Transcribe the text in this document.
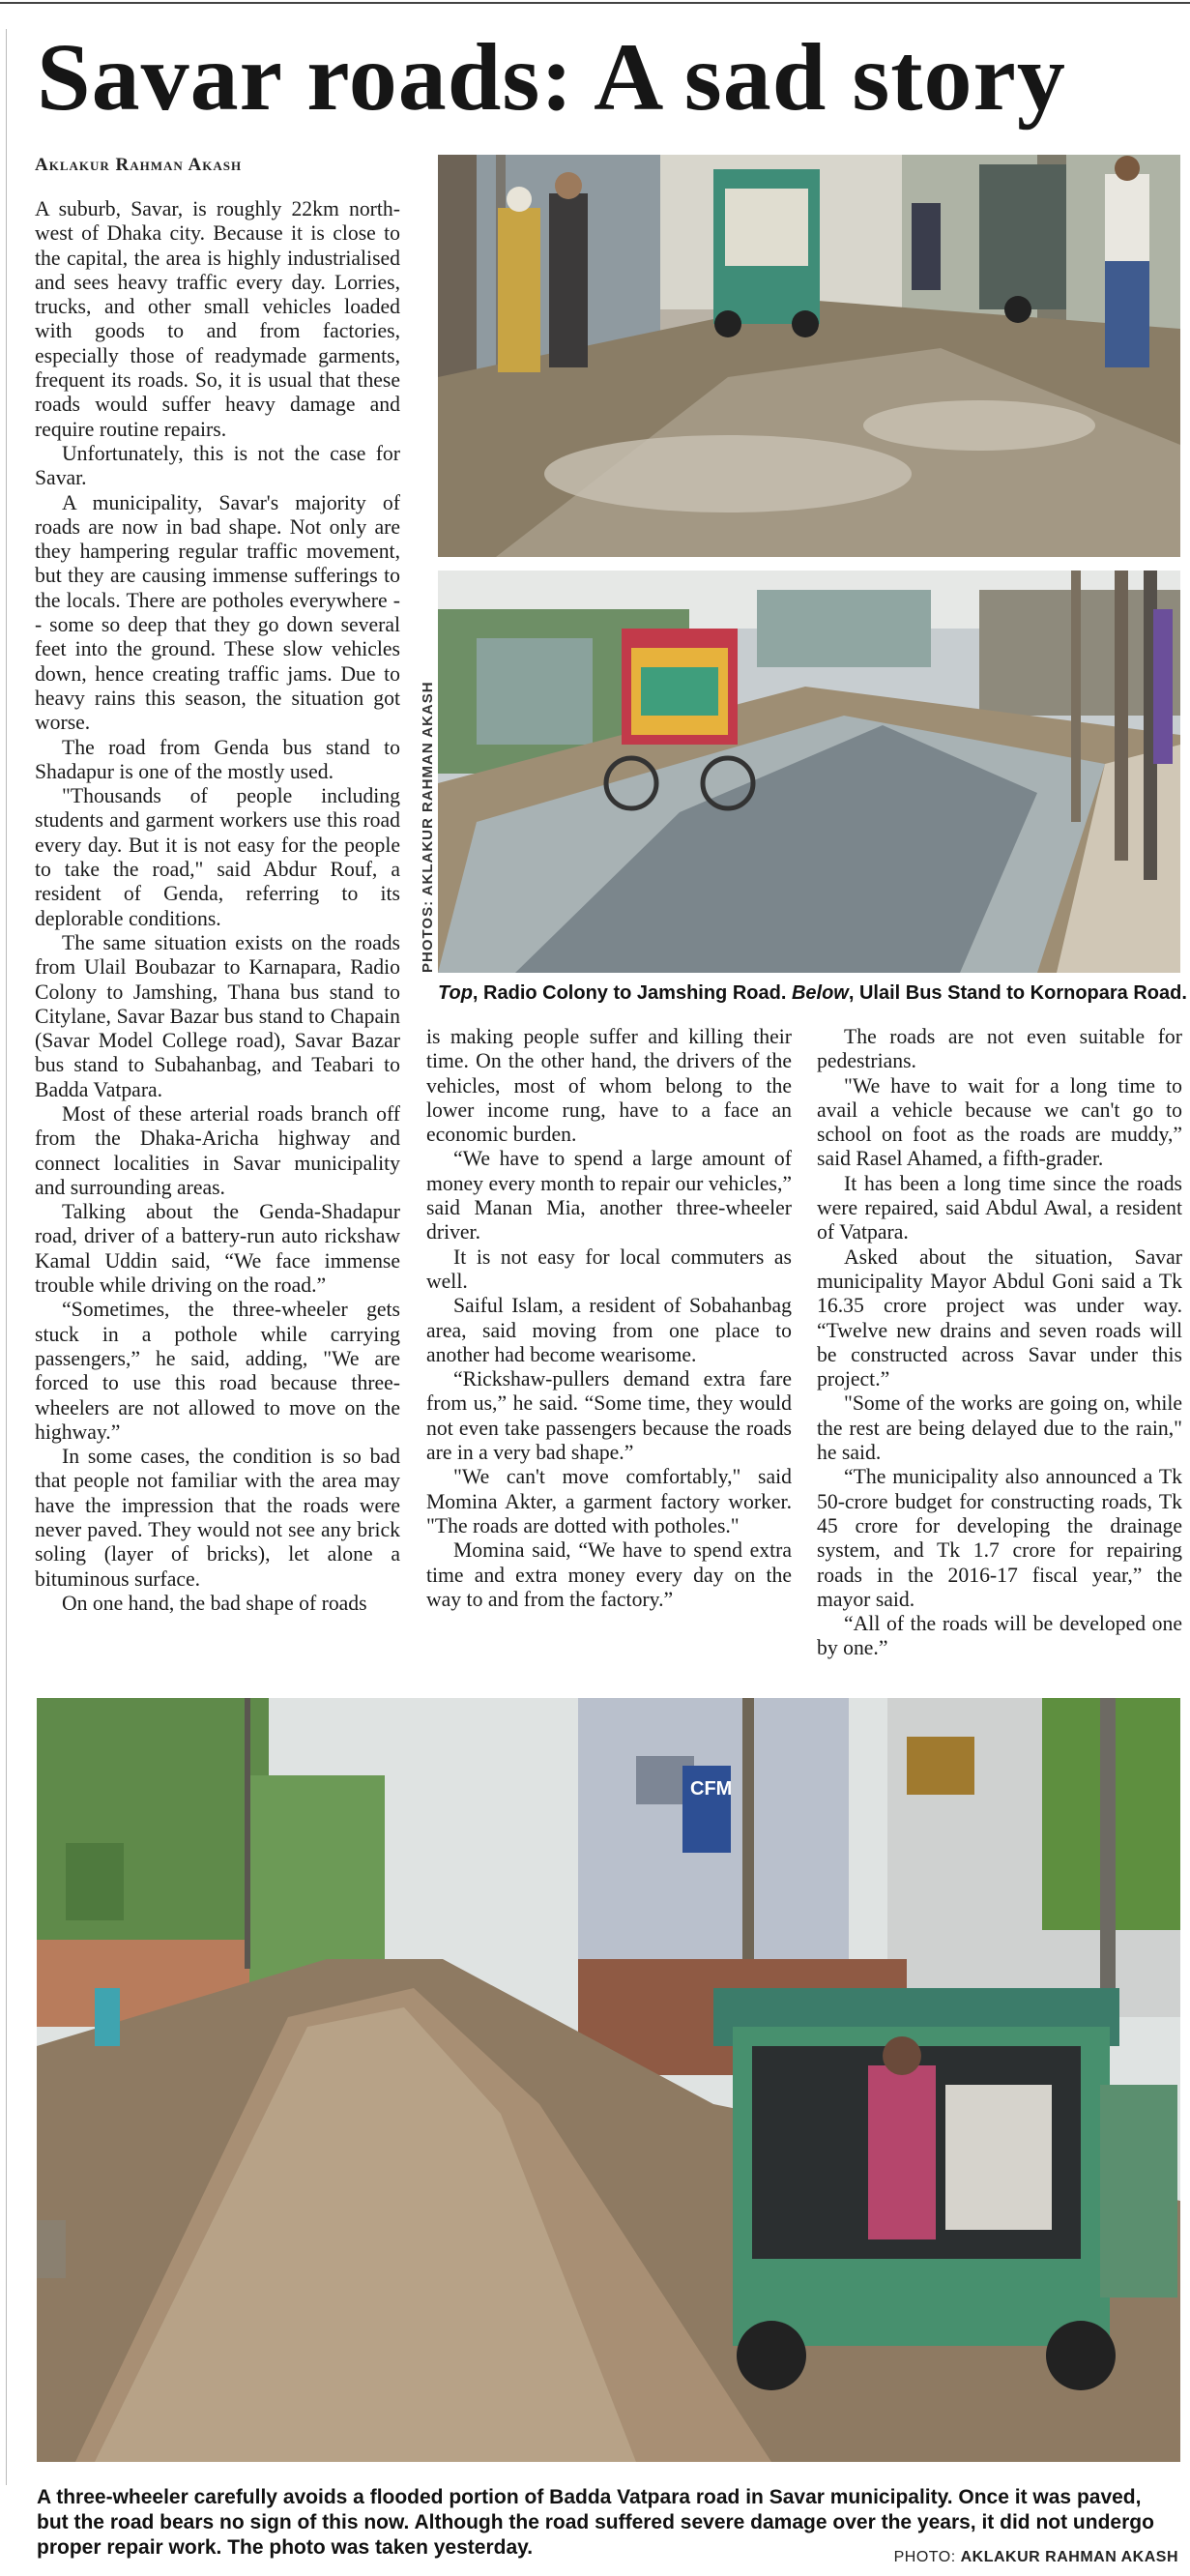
Savar roads: A sad story
Aklakur Rahman Akash

A suburb, Savar, is roughly 22km north-west of Dhaka city. Because it is close to the capital, the area is highly industrialised and sees heavy traffic every day. Lorries, trucks, and other small vehicles loaded with goods to and from factories, especially those of readymade garments, frequent its roads. So, it is usual that these roads would suffer heavy damage and require routine repairs.

Unfortunately, this is not the case for Savar.

A municipality, Savar's majority of roads are now in bad shape. Not only are they hampering regular traffic movement, but they are causing immense sufferings to the locals. There are potholes everywhere -- some so deep that they go down several feet into the ground. These slow vehicles down, hence creating traffic jams. Due to heavy rains this season, the situation got worse.

The road from Genda bus stand to Shadapur is one of the mostly used.

"Thousands of people including students and garment workers use this road every day. But it is not easy for the people to take the road," said Abdur Rouf, a resident of Genda, referring to its deplorable conditions.

The same situation exists on the roads from Ulail Boubazar to Karnapara, Radio Colony to Jamshing, Thana bus stand to Citylane, Savar Bazar bus stand to Chapain (Savar Model College road), Savar Bazar bus stand to Subahanbag, and Teabari to Badda Vatpara.

Most of these arterial roads branch off from the Dhaka-Aricha highway and connect localities in Savar municipality and surrounding areas.

Talking about the Genda-Shadapur road, driver of a battery-run auto rickshaw Kamal Uddin said, “We face immense trouble while driving on the road.”

“Sometimes, the three-wheeler gets stuck in a pothole while carrying passengers,” he said, adding, "We are forced to use this road because three-wheelers are not allowed to move on the highway.”

In some cases, the condition is so bad that people not familiar with the area may have the impression that the roads were never paved. They would not see any brick soling (layer of bricks), let alone a bituminous surface.

On one hand, the bad shape of roads

is making people suffer and killing their time. On the other hand, the drivers of the vehicles, most of whom belong to the lower income rung, have to a face an economic burden.

“We have to spend a large amount of money every month to repair our vehicles,” said Manan Mia, another three-wheeler driver.

It is not easy for local commuters as well.

Saiful Islam, a resident of Sobahanbag area, said moving from one place to another had become wearisome.

“Rickshaw-pullers demand extra fare from us,” he said. “Some time, they would not even take passengers because the roads are in a very bad shape.”

"We can't move comfortably," said Momina Akter, a garment factory worker. "The roads are dotted with potholes."

Momina said, “We have to spend extra time and extra money every day on the way to and from the factory.”

The roads are not even suitable for pedestrians.

"We have to wait for a long time to avail a vehicle because we can't go to school on foot as the roads are muddy,” said Rasel Ahamed, a fifth-grader.

It has been a long time since the roads were repaired, said Abdul Awal, a resident of Vatpara.

Asked about the situation, Savar municipality Mayor Abdul Goni said a Tk 16.35 crore project was under way. “Twelve new drains and seven roads will be constructed across Savar under this project.”

"Some of the works are going on, while the rest are being delayed due to the rain," he said.

“The municipality also announced a Tk 50-crore budget for constructing roads, Tk 45 crore for developing the drainage system, and Tk 1.7 crore for repairing roads in the 2016-17 fiscal year,” the mayor said.

“All of the roads will be developed one by one.”

PHOTOS: AKLAKUR RAHMAN AKASH
Top, Radio Colony to Jamshing Road. Below, Ulail Bus Stand to Kornopara Road.
CFM
A three-wheeler carefully avoids a flooded portion of Badda Vatpara road in Savar municipality. Once it was paved, but the road bears no sign of this now. Although the road suffered severe damage over the years, it did not undergo proper repair work. The photo was taken yesterday.	PHOTO: AKLAKUR RAHMAN AKASH
